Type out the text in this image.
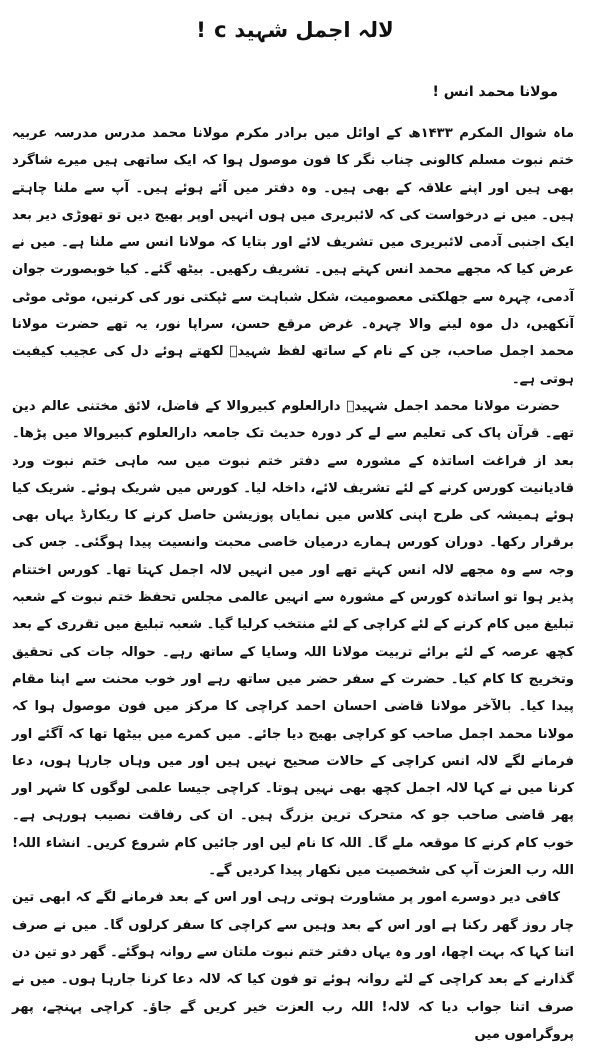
لالہ اجمل شہید c !
مولانا محمد انس !

ماہ شوال المکرم ۱۴۳۳ھ کے اوائل میں برادر مکرم مولانا محمد مدرس مدرسہ عربیہ ختم نبوت مسلم کالونی چناب نگر کا فون موصول ہوا کہ ایک ساتھی ہیں میرے شاگرد بھی ہیں اور اپنے علاقہ کے بھی ہیں۔ وہ دفتر میں آئے ہوئے ہیں۔ آپ سے ملنا چاہتے ہیں۔ میں نے درخواست کی کہ لائبریری میں ہوں انہیں اوپر بھیج دیں تو تھوڑی دیر بعد ایک اجنبی آدمی لائبریری میں تشریف لائے اور بتایا کہ مولانا انس سے ملنا ہے۔ میں نے عرض کیا کہ مجھے محمد انس کہتے ہیں۔ تشریف رکھیں۔ بیٹھ گئے۔ کیا خوبصورت جوان آدمی، چہرہ سے جھلکتی معصومیت، شکل شباہت سے ٹپکتی نور کی کرنیں، موٹی موٹی آنکھیں، دل موہ لینے والا چہرہ۔ غرض مرقع حسن، سراپا نور، یہ تھے حضرت مولانا محمد اجمل صاحب، جن کے نام کے ساتھ لفظ شہیدؒ لکھتے ہوئے دل کی عجیب کیفیت ہوتی ہے۔

حضرت مولانا محمد اجمل شہیدؒ دارالعلوم کبیروالا کے فاضل، لائق مختنی عالم دین تھے۔ قرآن پاک کی تعلیم سے لے کر دورہ حدیث تک جامعہ دارالعلوم کبیروالا میں پڑھا۔ بعد از فراغت اساتذہ کے مشورہ سے دفتر ختم نبوت میں سہ ماہی ختم نبوت ورد قادیانیت کورس کرنے کے لئے تشریف لائے، داخلہ لیا۔ کورس میں شریک ہوئے۔ شریک کیا ہوئے ہمیشہ کی طرح اپنی کلاس میں نمایاں پوزیشن حاصل کرنے کا ریکارڈ یہاں بھی برقرار رکھا۔ دوران کورس ہمارے درمیان خاصی محبت وانسیت پیدا ہوگئی۔ جس کی وجہ سے وہ مجھے لالہ انس کہتے تھے اور میں انہیں لالہ اجمل کہتا تھا۔ کورس اختتام پذیر ہوا تو اساتذہ کورس کے مشورہ سے انہیں عالمی مجلس تحفظ ختم نبوت کے شعبہ تبلیغ میں کام کرنے کے لئے کراچی کے لئے منتخب کرلیا گیا۔ شعبہ تبلیغ میں تقرری کے بعد کچھ عرصہ کے لئے برائے تربیت مولانا اللہ وسایا کے ساتھ رہے۔ حوالہ جات کی تحقیق وتخریج کا کام کیا۔ حضرت کے سفر حضر میں ساتھ رہے اور خوب محنت سے اپنا مقام پیدا کیا۔ بالآخر مولانا قاضی احسان احمد کراچی کا مرکز میں فون موصول ہوا کہ مولانا محمد اجمل صاحب کو کراچی بھیج دیا جائے۔ میں کمرے میں بیٹھا تھا کہ آگئے اور فرمانے لگے لالہ انس کراچی کے حالات صحیح نہیں ہیں اور میں وہاں جارہا ہوں، دعا کرنا میں نے کہا لالہ اجمل کچھ بھی نہیں ہوتا۔ کراچی جیسا علمی لوگوں کا شہر اور پھر قاضی صاحب جو کہ متحرک ترین بزرگ ہیں۔ ان کی رفاقت نصیب ہورہی ہے۔ خوب کام کرنے کا موقعہ ملے گا۔ اللہ کا نام لیں اور جائیں کام شروع کریں۔ انشاء اللہ! اللہ رب العزت آپ کی شخصیت میں نکھار پیدا کردیں گے۔

کافی دیر دوسرے امور پر مشاورت ہوتی رہی اور اس کے بعد فرمانے لگے کہ ابھی تین چار روز گھر رکنا ہے اور اس کے بعد وہیں سے کراچی کا سفر کرلوں گا۔ میں نے صرف اتنا کہا کہ بہت اچھا، اور وہ یہاں دفتر ختم نبوت ملتان سے روانہ ہوگئے۔ گھر دو تین دن گذارنے کے بعد کراچی کے لئے روانہ ہوئے تو فون کیا کہ لالہ دعا کرنا جارہا ہوں۔ میں نے صرف اتنا جواب دیا کہ لالہ! اللہ رب العزت خیر کریں گے جاؤ۔ کراچی پہنچے، پھر پروگراموں میں
